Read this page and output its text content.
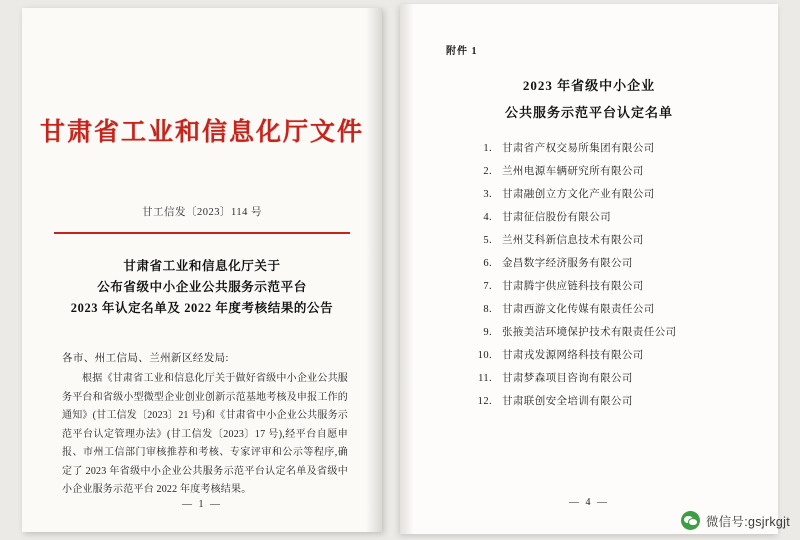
甘肃省工业和信息化厅文件
甘工信发〔2023〕114 号
甘肃省工业和信息化厅关于
公布省级中小企业公共服务示范平台
2023 年认定名单及 2022 年度考核结果的公告
各市、州工信局、兰州新区经发局:

根据《甘肃省工业和信息化厅关于做好省级中小企业公共服务平台和省级小型微型企业创业创新示范基地考核及申报工作的通知》(甘工信发〔2023〕21 号)和《甘肃省中小企业公共服务示范平台认定管理办法》(甘工信发〔2023〕17 号),经平台自愿申报、市州工信部门审核推荐和考核、专家评审和公示等程序,确定了 2023 年省级中小企业公共服务示范平台认定名单及省级中小企业服务示范平台 2022 年度考核结果。

— 1 —
附件 1
2023 年省级中小企业
公共服务示范平台认定名单
1. 甘肃省产权交易所集团有限公司
2. 兰州电源车辆研究所有限公司
3. 甘肃融创立方文化产业有限公司
4. 甘肃征信股份有限公司
5. 兰州艾科新信息技术有限公司
6. 金昌数字经济服务有限公司
7. 甘肃腾宇供应链科技有限公司
8. 甘肃西游文化传媒有限责任公司
9. 张掖美洁环境保护技术有限责任公司
10. 甘肃戎发源网络科技有限公司
11. 甘肃梦森项目咨询有限公司
12. 甘肃联创安全培训有限公司
— 4 —
微信号:gsjrkgjt
